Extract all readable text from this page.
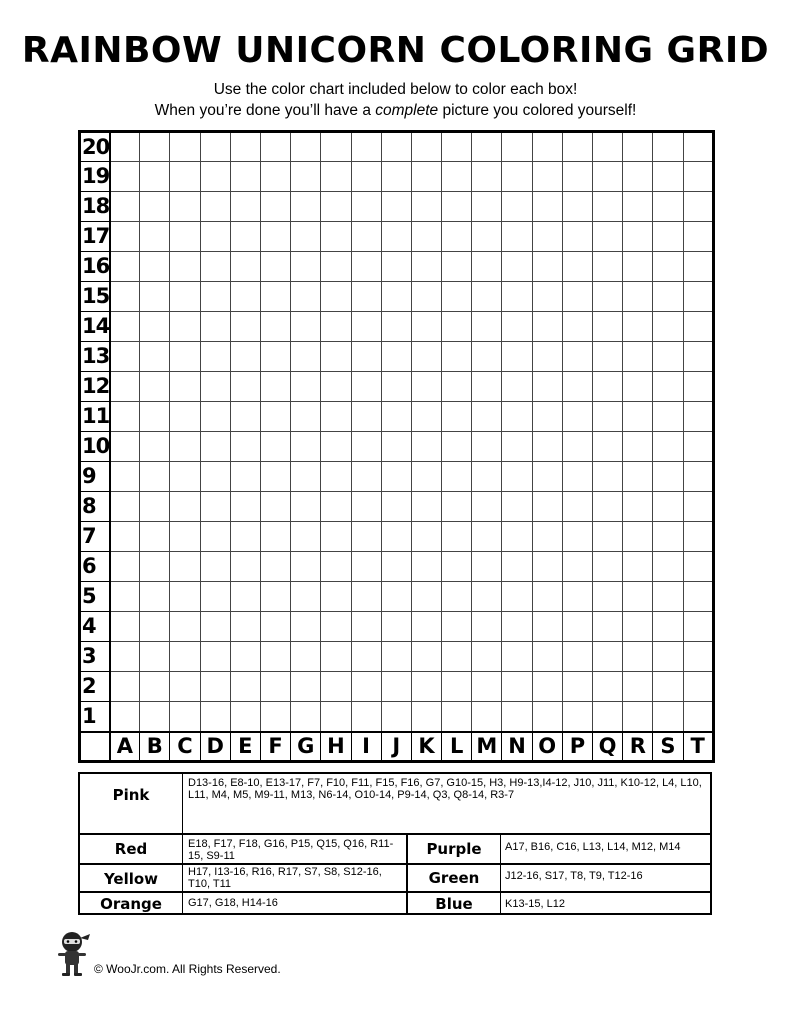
RAINBOW UNICORN COLORING GRID

Use the color chart included below to color each box!

When you’re done you’ll have a complete picture you colored yourself!

20																				
19																				
18																				
17																				
16																				
15																				
14																				
13																				
12																				
11																				
10																				
9																				
8																				
7																				
6																				
5																				
4																				
3																				
2																				
1																				
	A	B	C	D	E	F	G	H	I	J	K	L	M	N	O	P	Q	R	S	T
Pink
D13-16, E8-10, E13-17, F7, F10, F11, F15, F16, G7, G10-15, H3, H9-13,I4-12, J10, J11, K10-12, L4, L10, L11, M4, M5, M9-11, M13, N6-14, O10-14, P9-14, Q3, Q8-14, R3-7
Red	E18, F17, F18, G16, P15, Q15, Q16, R11-15, S9-11	Purple	A17, B16, C16, L13, L14, M12, M14
Yellow	H17, I13-16, R16, R17, S7, S8, S12-16, T10, T11	Green	J12-16, S17, T8, T9, T12-16
Orange	G17, G18, H14-16	Blue	K13-15, L12
© WooJr.com. All Rights Reserved.
